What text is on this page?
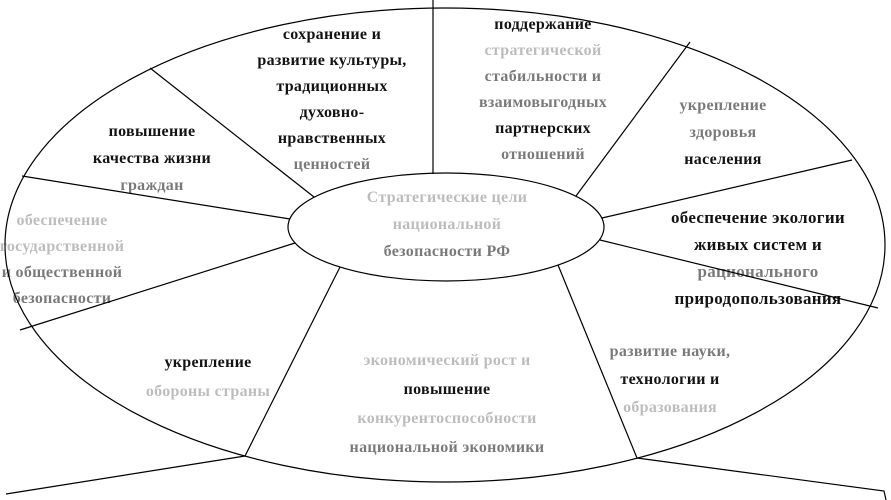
Стратегические цели
национальной
безопасности РФ
повышение
качества жизни
граждан
сохранение и
развитие культуры,
традиционных
духовно-
нравственных
ценностей
поддержание
стратегической
стабильности и
взаимовыгодных
партнерских
отношений
укрепление
здоровья
населения
обеспечение экологии
живых систем и
рационального
природопользования
развитие науки,
технологии и
образования
экономический рост и
повышение
конкурентоспособности
национальной экономики
укрепление
обороны страны
обеспечение
государственной
и общественной
безопасности
